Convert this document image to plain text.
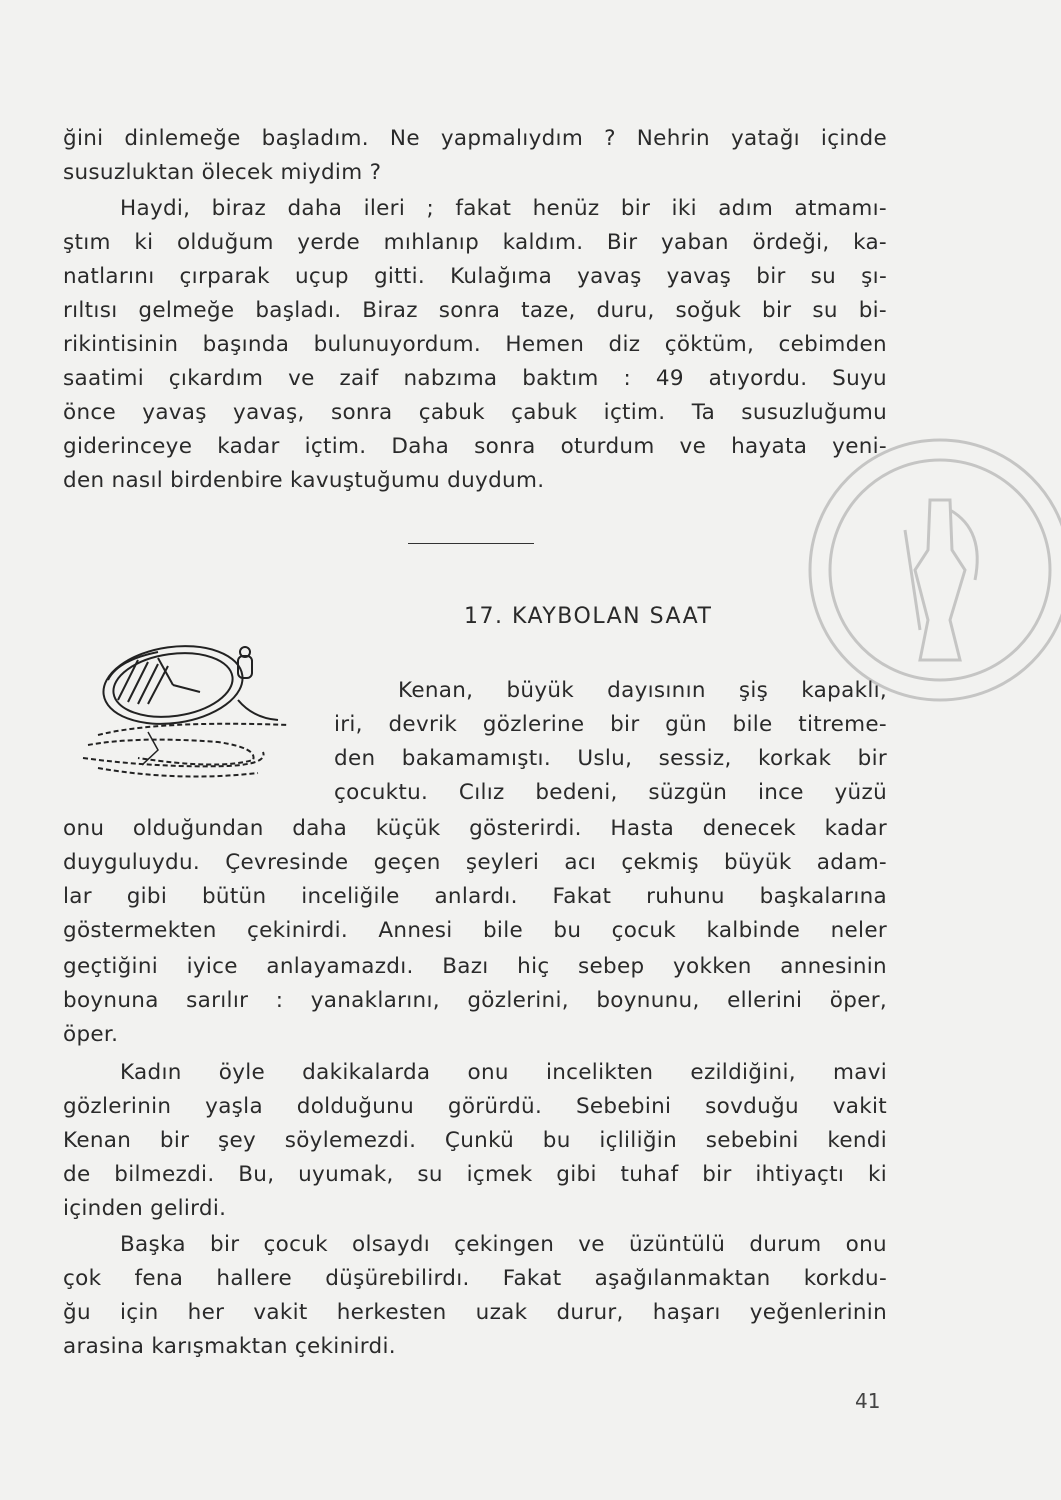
ğini dinlemeğe başladım. Ne yapmalıydım ? Nehrin yatağı içinde
susuzluktan ölecek miydim ?
Haydi, biraz daha ileri ; fakat henüz bir iki adım atmamı-
ştım ki olduğum yerde mıhlanıp kaldım. Bir yaban ördeği, ka-
natlarını çırparak uçup gitti. Kulağıma yavaş yavaş bir su şı-
rıltısı gelmeğe başladı. Biraz sonra taze, duru, soğuk bir su bi-
rikintisinin başında bulunuyordum. Hemen diz çöktüm, cebimden
saatimi çıkardım ve zaif nabzıma baktım : 49 atıyordu. Suyu
önce yavaş yavaş, sonra çabuk çabuk içtim. Ta susuzluğumu
giderinceye kadar içtim. Daha sonra oturdum ve hayata yeni-
den nasıl birdenbire kavuştuğumu duydum.
17. KAYBOLAN SAAT
Kenan, büyük dayısının şiş kapaklı,
iri, devrik gözlerine bir gün bile titreme-
den bakamamıştı. Uslu, sessiz, korkak bir
çocuktu. Cılız bedeni, süzgün ince yüzü
onu olduğundan daha küçük gösterirdi. Hasta denecek kadar
duyguluydu. Çevresinde geçen şeyleri acı çekmiş büyük adam-
lar gibi bütün inceliğile anlardı. Fakat ruhunu başkalarına
göstermekten çekinirdi. Annesi bile bu çocuk kalbinde neler
geçtiğini iyice anlayamazdı. Bazı hiç sebep yokken annesinin
boynuna sarılır : yanaklarını, gözlerini, boynunu, ellerini öper,
öper.
Kadın öyle dakikalarda onu incelikten ezildiğini, mavi
gözlerinin yaşla dolduğunu görürdü. Sebebini sovduğu vakit
Kenan bir şey söylemezdi. Çunkü bu içliliğin sebebini kendi
de bilmezdi. Bu, uyumak, su içmek gibi tuhaf bir ihtiyaçtı ki
içinden gelirdi.
Başka bir çocuk olsaydı çekingen ve üzüntülü durum onu
çok fena hallere düşürebilirdı. Fakat aşağılanmaktan korkdu-
ğu için her vakit herkesten uzak durur, haşarı yeğenlerinin
arasina karışmaktan çekinirdi.
41
